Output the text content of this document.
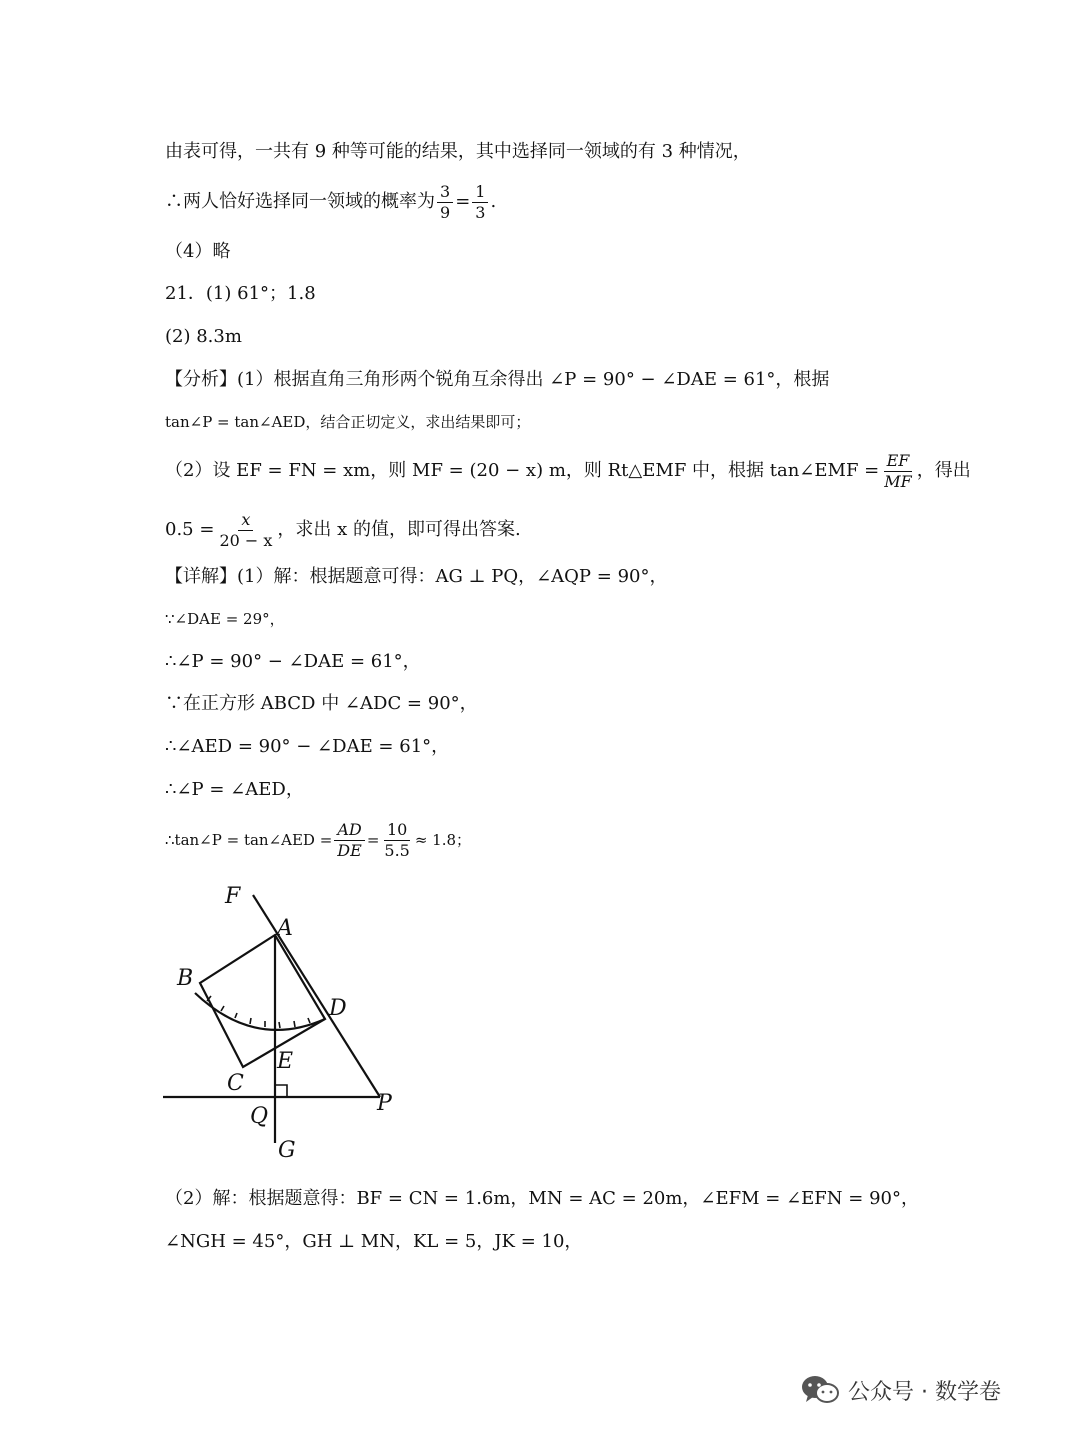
由表可得，一共有 9 种等可能的结果，其中选择同一领域的有 3 种情况，
∴两人恰好选择同一领域的概率为 $\frac{3}{9} = \frac{1}{3}$ .
（4）略
21．(1) 61°；1.8
(2) 8.3m
【分析】(1）根据直角三角形两个锐角互余得出 ∠P = 90° − ∠DAE = 61°，根据
tan∠P = tan∠AED，结合正切定义，求出结果即可；
（2）设 EF = FN = xm，则 MF = (20 − x) m，则 Rt△EMF 中，根据 tan∠EMF = $\frac{EF}{MF}$ ，得出
$0.5 = \frac{x}{20 - x}$ ，求出 x 的值，即可得出答案.
【详解】(1）解：根据题意可得：AG ⊥ PQ，∠AQP = 90°，
∵∠DAE = 29°，
∴∠P = 90° − ∠DAE = 61°，
∵在正方形 ABCD 中 ∠ADC = 90°，
∴∠AED = 90° − ∠DAE = 61°，
∴∠P = ∠AED，
∴tan∠P = tan∠AED = $\frac{AD}{DE} = \frac{10}{5.5} \approx 1.8$；
F
A
B
D
E
C
Q
P
G
（2）解：根据题意得：BF = CN = 1.6m，MN = AC = 20m，∠EFM = ∠EFN = 90°，
∠NGH = 45°，GH ⊥ MN，KL = 5，JK = 10，
公众号 · 数学卷
